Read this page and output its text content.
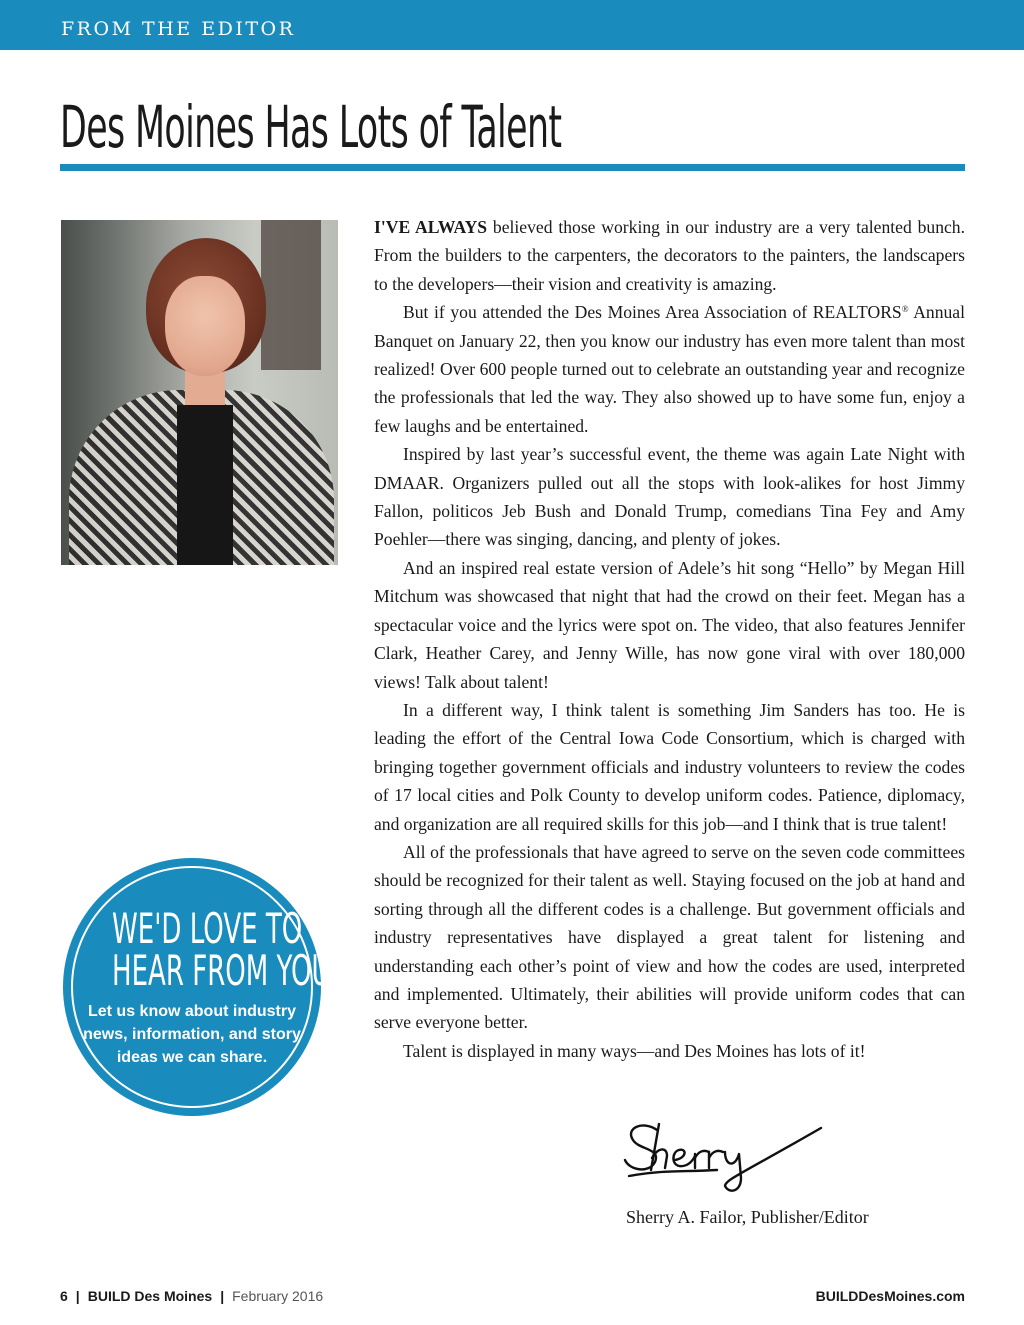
FROM THE EDITOR
Des Moines Has Lots of Talent

I'VE ALWAYS believed those working in our industry are a very talented bunch. From the builders to the carpenters, the decorators to the painters, the landscapers to the developers—their vision and creativity is amazing.

But if you attended the Des Moines Area Association of REALTORS® Annual Banquet on January 22, then you know our industry has even more talent than most realized! Over 600 people turned out to celebrate an outstanding year and recognize the professionals that led the way. They also showed up to have some fun, enjoy a few laughs and be entertained.

Inspired by last year’s successful event, the theme was again Late Night with DMAAR. Organizers pulled out all the stops with look-alikes for host Jimmy Fallon, politicos Jeb Bush and Donald Trump, comedians Tina Fey and Amy Poehler—there was singing, dancing, and plenty of jokes.

And an inspired real estate version of Adele’s hit song “Hello” by Megan Hill Mitchum was showcased that night that had the crowd on their feet. Megan has a spectacular voice and the lyrics were spot on. The video, that also features Jennifer Clark, Heather Carey, and Jenny Wille, has now gone viral with over 180,000 views! Talk about talent!

In a different way, I think talent is something Jim Sanders has too. He is leading the effort of the Central Iowa Code Consortium, which is charged with bringing together government officials and industry volunteers to review the codes of 17 local cities and Polk County to develop uniform codes. Patience, diplomacy, and organization are all required skills for this job—and I think that is true talent!

All of the professionals that have agreed to serve on the seven code committees should be recognized for their talent as well. Staying focused on the job at hand and sorting through all the different codes is a challenge. But government officials and industry representatives have displayed a great talent for listening and understanding each other’s point of view and how the codes are used, interpreted and implemented. Ultimately, their abilities will provide uniform codes that can serve everyone better.

Talent is displayed in many ways—and Des Moines has lots of it!

WE'D LOVE TO
HEAR FROM YOU!

Let us know about industry news, information, and story ideas we can share.

Sherry A. Failor, Publisher/Editor
6 | BUILD Des Moines | February 2016	BUILDDesMoines.com
